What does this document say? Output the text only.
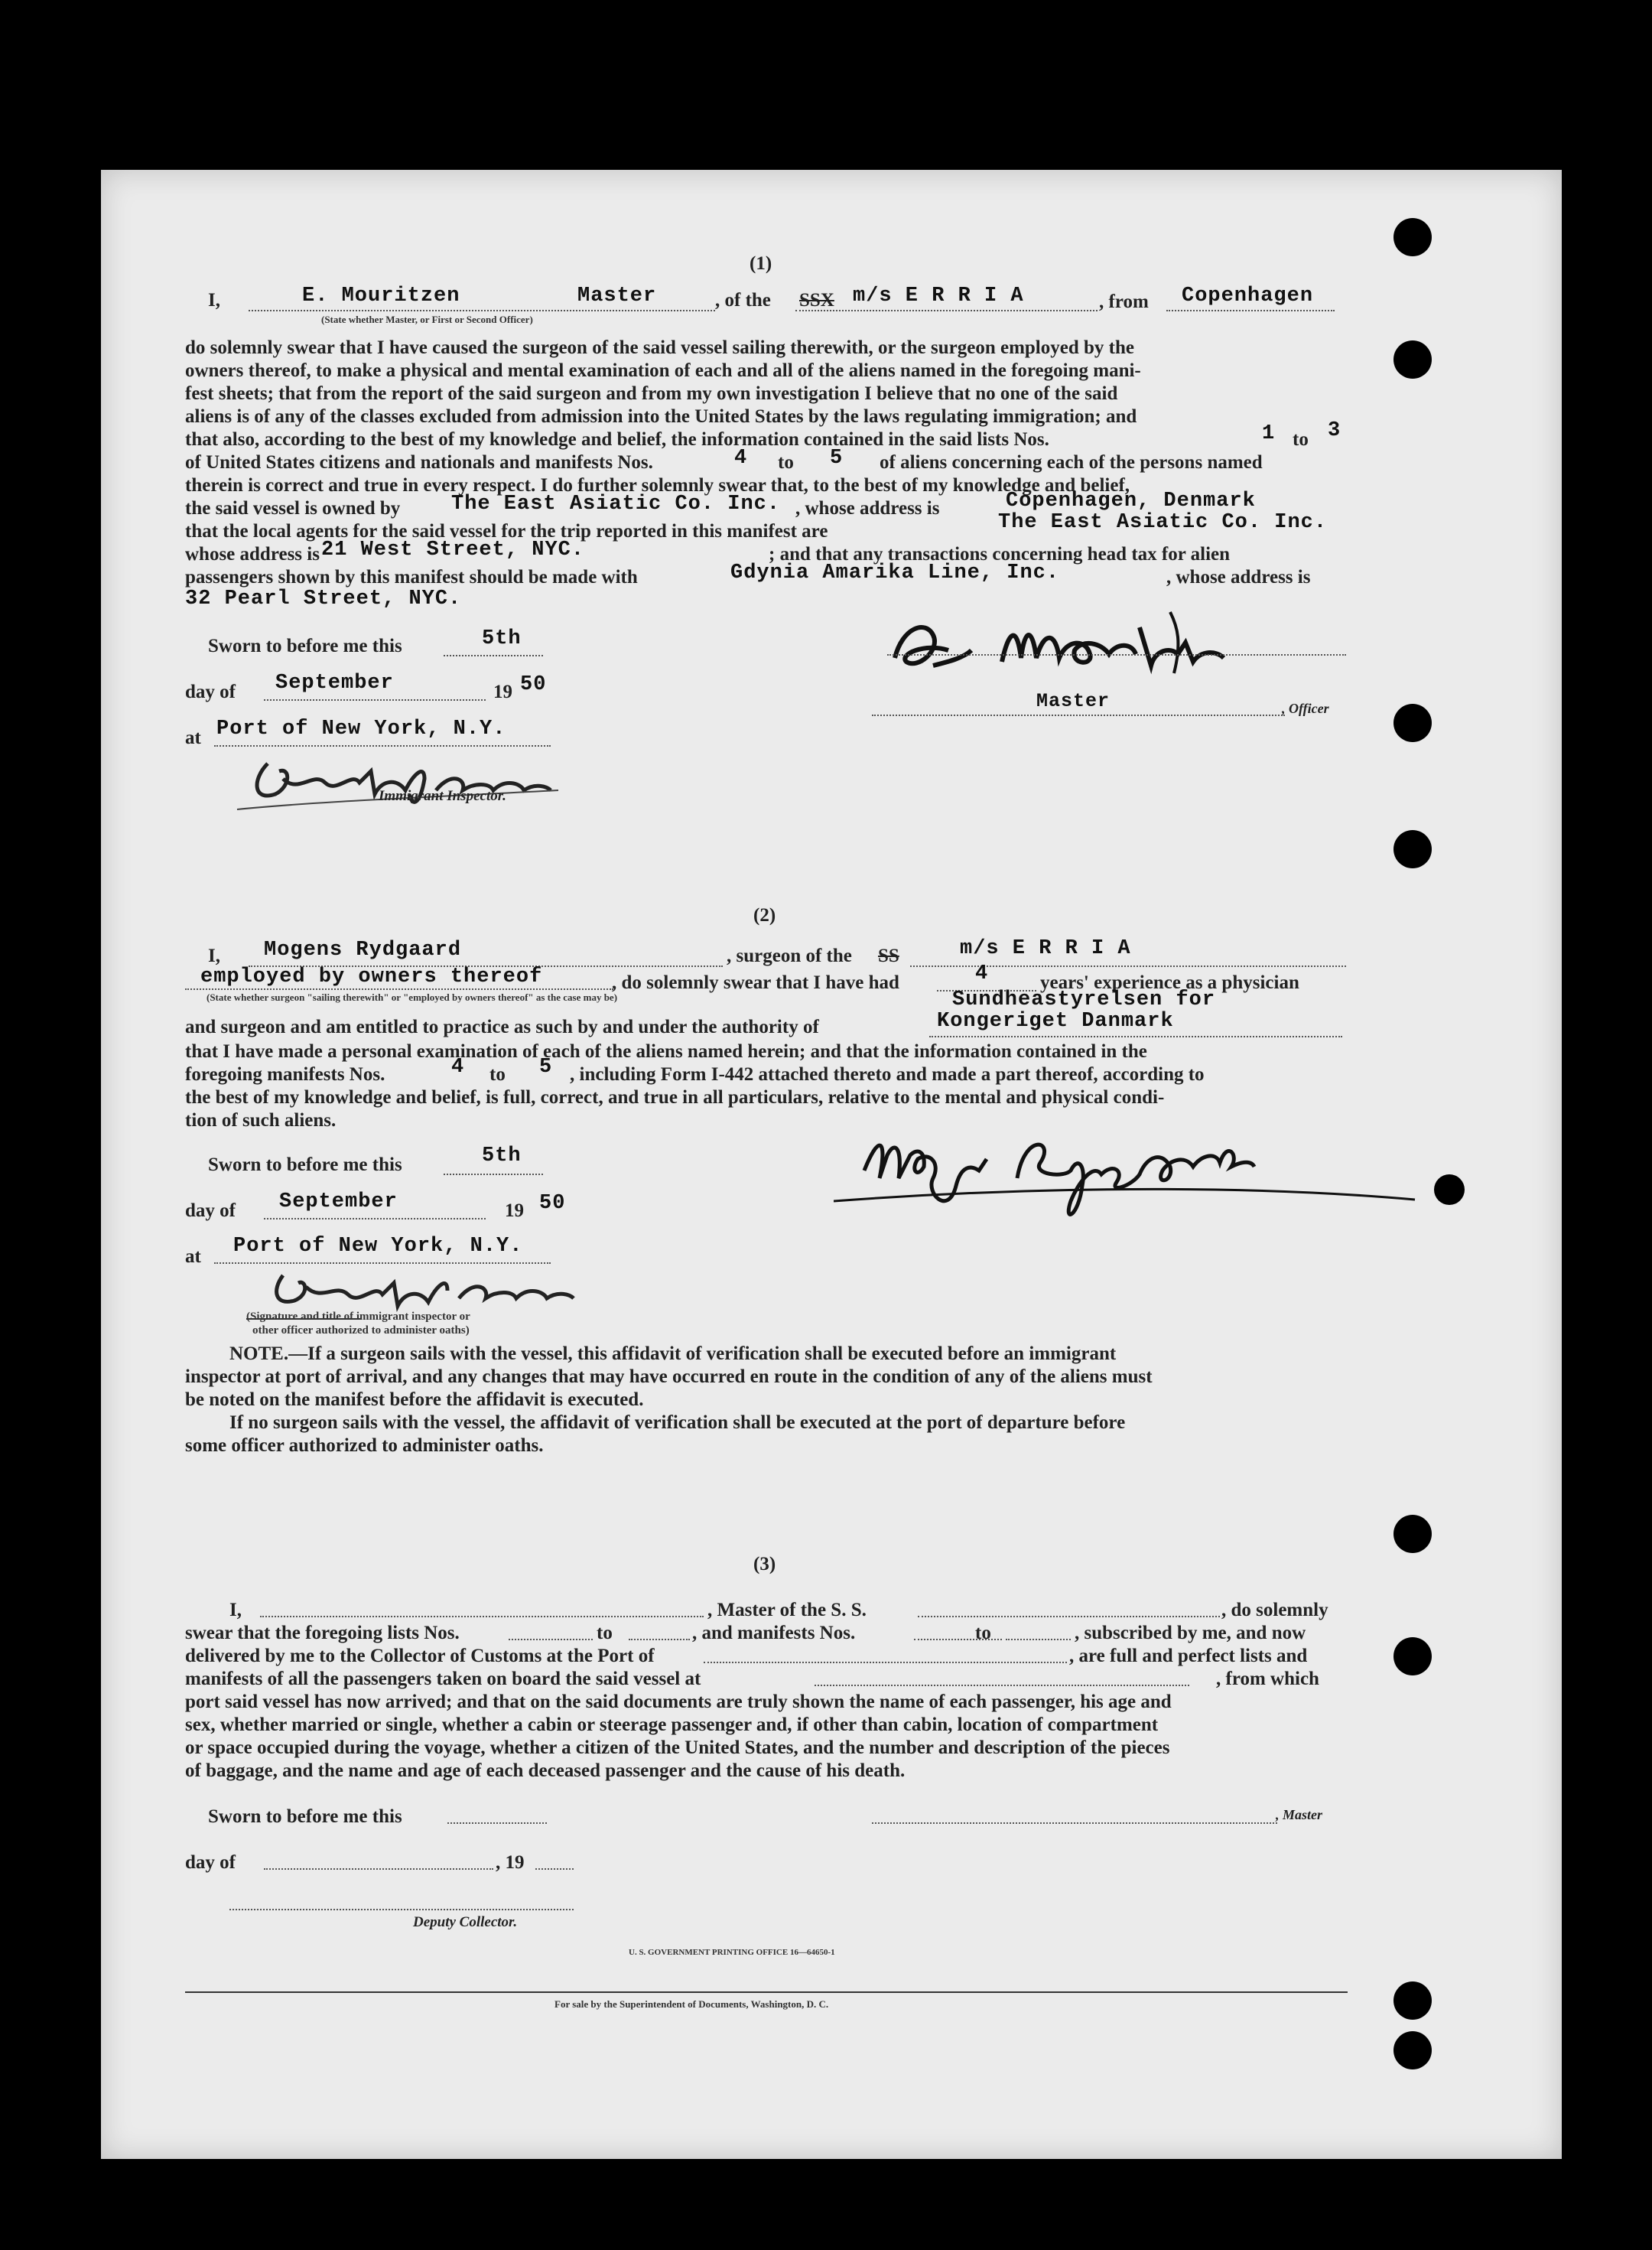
(1)
I,	E. Mouritzen	Master
(State whether Master, or First or Second Officer)
, of the SSX m/s E R R I A	, from Copenhagen
do solemnly swear that I have caused the surgeon of the said vessel sailing therewith, or the surgeon employed by the
owners thereof, to make a physical and mental examination of each and all of the aliens named in the foregoing mani-
fest sheets; that from the report of the said surgeon and from my own investigation I believe that no one of the said
aliens is of any of the classes excluded from admission into the United States by the laws regulating immigration; and
that also, according to the best of my knowledge and belief, the information contained in the said lists Nos.	1 to 3
of United States citizens and nationals and manifests Nos.	4 to 5 of aliens concerning each of the persons named
therein is correct and true in every respect. I do further solemnly swear that, to the best of my knowledge and belief,
the said vessel is owned by The East Asiatic Co. Inc. , whose address is	Copenhagen, Denmark
that the local agents for the said vessel for the trip reported in this manifest are	The East Asiatic Co. Inc.
whose address is 21 West Street, NYC.	; and that any transactions concerning head tax for alien
passengers shown by this manifest should be made with	Gdynia Amarika Line, Inc.	, whose address is
32 Pearl Street, NYC.
Sworn to before me this	5th
day of September	19 50
at Port of New York, N.Y.
Master	, Officer
Immigrant Inspector.
(2)
I, Mogens Rydgaard	, surgeon of the SS	m/s E R R I A
employed by owners thereof
(State whether surgeon "sailing therewith" or "employed by owners thereof" as the case may be)
, do solemnly swear that I have had	4	years' experience as a physician
Sundheastyrelsen for
and surgeon and am entitled to practice as such by and under the authority of	Kongeriget Danmark
that I have made a personal examination of each of the aliens named herein; and that the information contained in the
foregoing manifests Nos.	4 to 5 , including Form I-442 attached thereto and made a part thereof, according to
the best of my knowledge and belief, is full, correct, and true in all particulars, relative to the mental and physical condi-
tion of such aliens.
Sworn to before me this	5th
day of September	19 50
at Port of New York, N.Y.
(Signature and title of immigrant inspector or
other officer authorized to administer oaths)
NOTE.—If a surgeon sails with the vessel, this affidavit of verification shall be executed before an immigrant
inspector at port of arrival, and any changes that may have occurred en route in the condition of any of the aliens must
be noted on the manifest before the affidavit is executed.
If no surgeon sails with the vessel, the affidavit of verification shall be executed at the port of departure before
some officer authorized to administer oaths.
(3)
I,	, Master of the S. S.	, do solemnly
swear that the foregoing lists Nos.	to	, and manifests Nos.	to	, subscribed by me, and now
delivered by me to the Collector of Customs at the Port of	, are full and perfect lists and
manifests of all the passengers taken on board the said vessel at	, from which
port said vessel has now arrived; and that on the said documents are truly shown the name of each passenger, his age and
sex, whether married or single, whether a cabin or steerage passenger and, if other than cabin, location of compartment
or space occupied during the voyage, whether a citizen of the United States, and the number and description of the pieces
of baggage, and the name and age of each deceased passenger and the cause of his death.
Sworn to before me this	, Master
day of	, 19
Deputy Collector.
U. S. GOVERNMENT PRINTING OFFICE 16—64650-1
For sale by the Superintendent of Documents, Washington, D. C.
